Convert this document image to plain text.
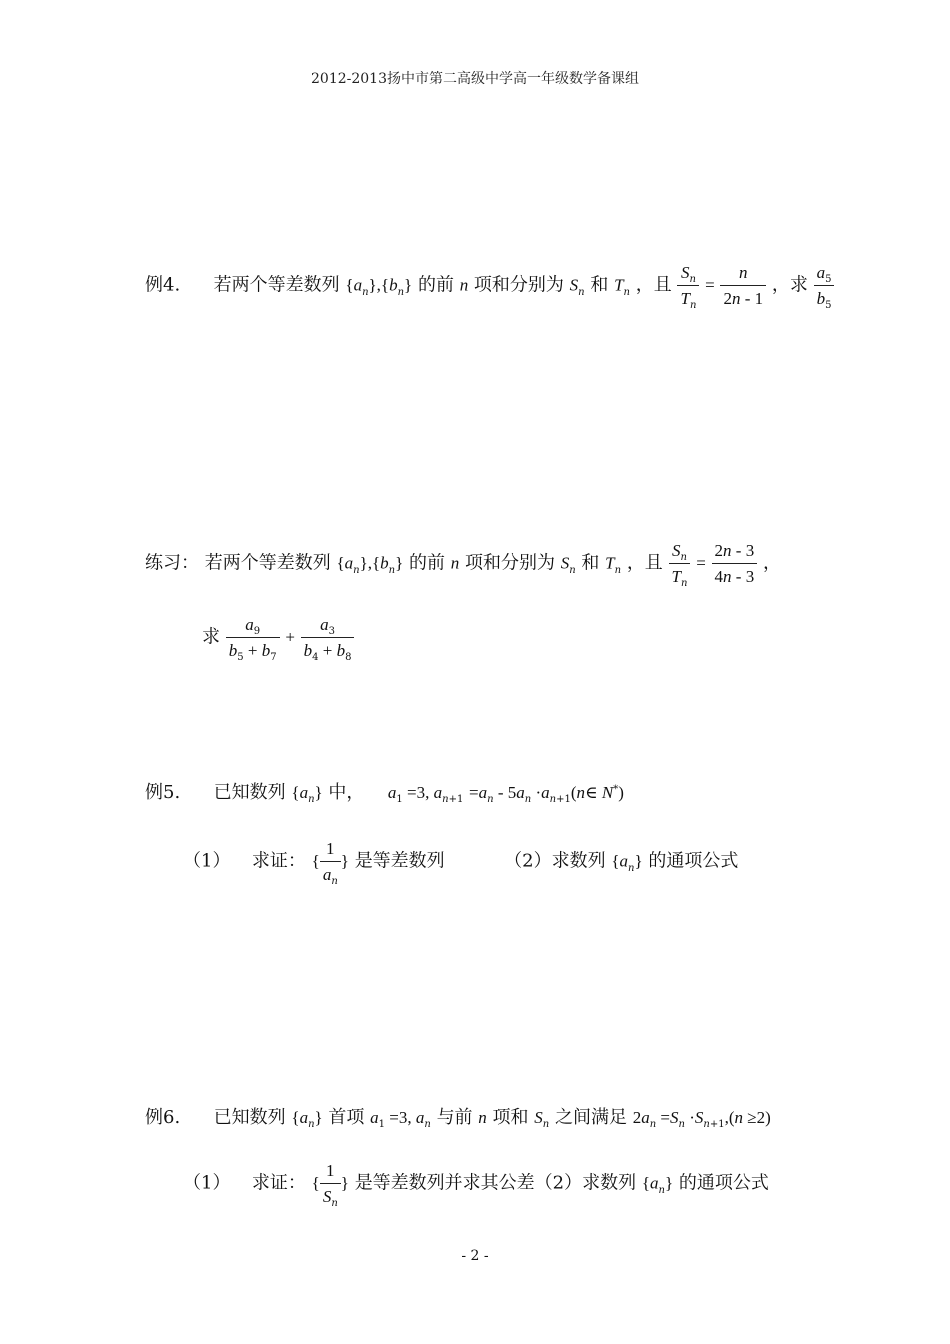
2012-2013扬中市第二高级中学高一年级数学备课组
例4. 若两个等差数列 $\{a_n\},\{b_n\}$ 的前 n 项和分别为 $S_n$ 和 $T_n$ ，且 $\frac{S_n}{T_n} = \frac{n}{2n - 1}$ ，求 $\frac{a_5}{b_5}$
练习： 若两个等差数列 $\{a_n\},\{b_n\}$ 的前 n 项和分别为 $S_n$ 和 $T_n$ ，且 $\frac{S_n}{T_n} = \frac{2n - 3}{4n - 3}$ ，
求 $\frac{a_9}{b_5 + b_7} + \frac{a_3}{b_4 + b_8}$
例5. 已知数列 $\{a_n\}$ 中， $a_1 =3$, $a_{n+1} =a_n - 5a_n$ $\cdot a_{n+1}(n\in$ N*)
（1） 求证： { $\frac{1}{a_n}$ } 是等差数列	（2）求数列 $\{a_n\}$ 的通项公式
例6. 已知数列 $\{a_n\}$ 首项 $a_1 =3$, $a_n$ 与前 n 项和 $S_n$ 之间满足 $2a_n =S_n \cdot S_{n+1},(n \ge 2)$
（1） 求证： { $\frac{1}{S_n}$ } 是等差数列并求其公差（2）求数列 $\{a_n\}$ 的通项公式
- 2 -
